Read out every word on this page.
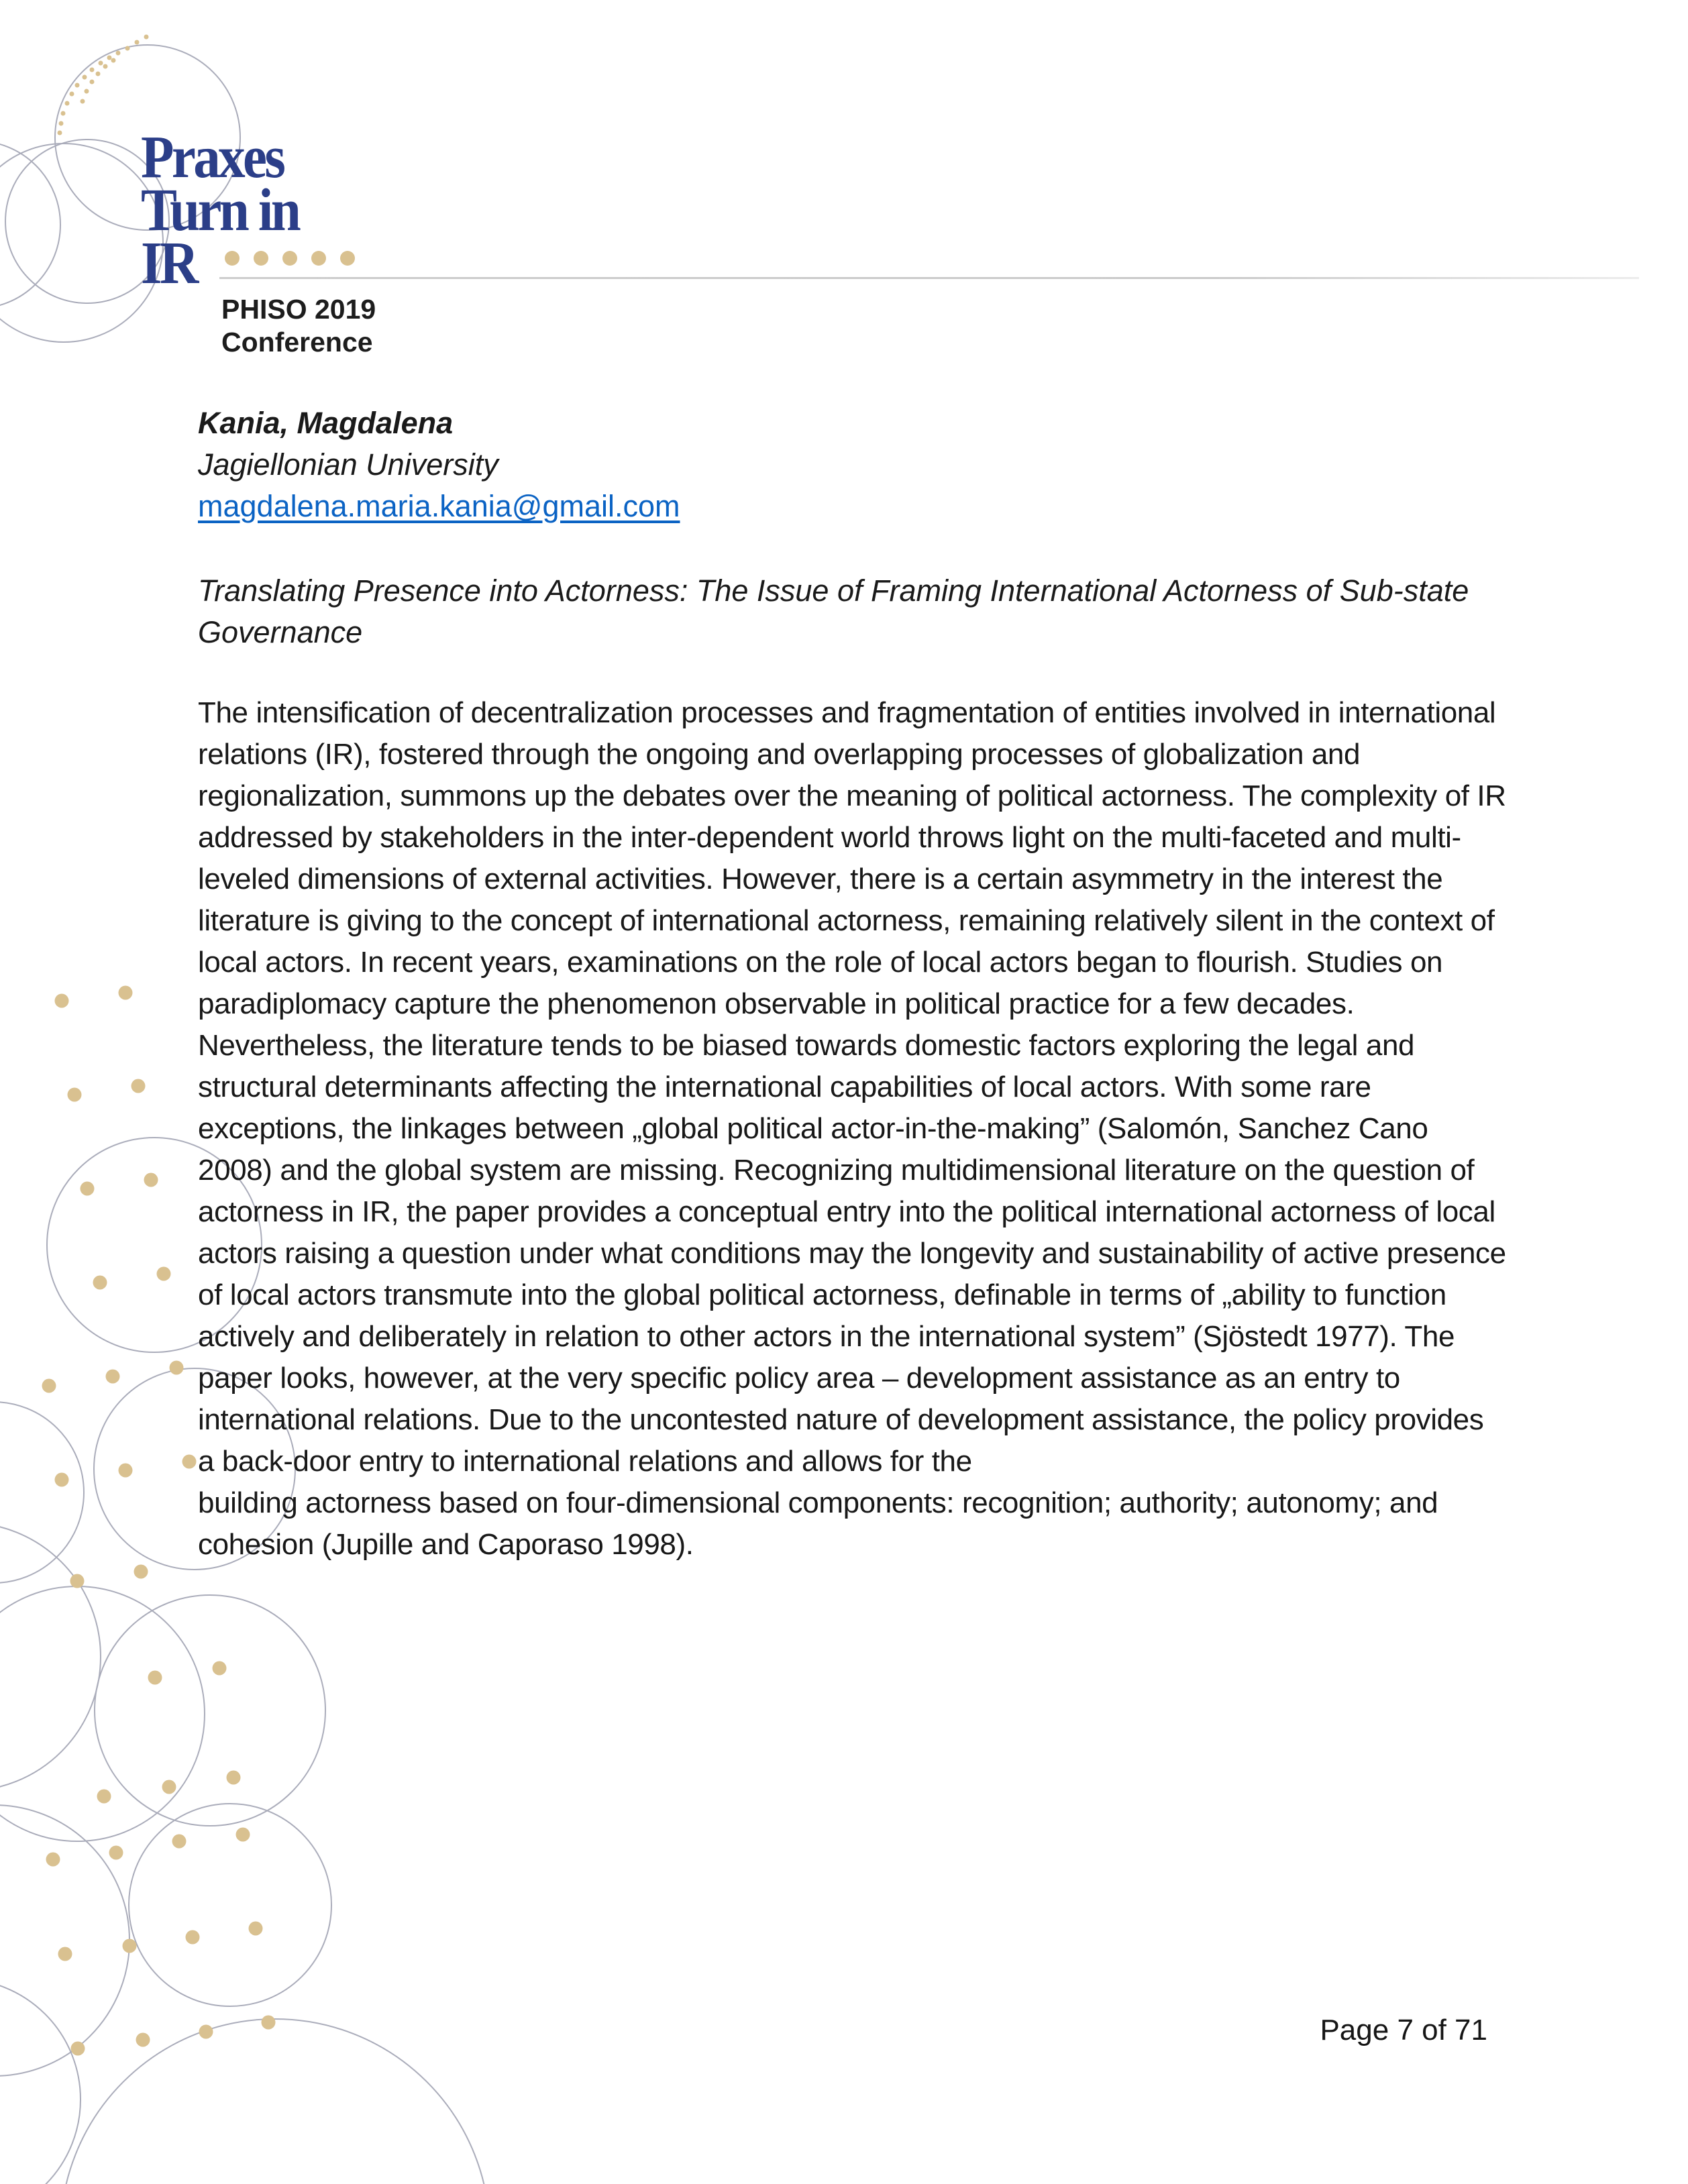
Praxes
Turn in
IR
PHISO 2019
Conference
Kania, Magdalena
Jagiellonian University
magdalena.maria.kania@gmail.com
Translating Presence into Actorness: The Issue of Framing International Actorness of Sub-state
Governance
The intensification of decentralization processes and fragmentation of entities involved in international relations (IR), fostered through the ongoing and overlapping processes of globalization and regionalization, summons up the debates over the meaning of political actorness. The complexity of IR addressed by stakeholders in the inter-dependent world throws light on the multi-faceted and multi-leveled dimensions of external activities. However, there is a certain asymmetry in the interest the literature is giving to the concept of international actorness, remaining relatively silent in the context of local actors. In recent years, examinations on the role of local actors began to flourish. Studies on paradiplomacy capture the phenomenon observable in political practice for a few decades. Nevertheless, the literature tends to be biased towards domestic factors exploring the legal and structural determinants affecting the international capabilities of local actors. With some rare exceptions, the linkages between „global political actor-in-the-making” (Salomón, Sanchez Cano 2008) and the global system are missing. Recognizing multidimensional literature on the question of actorness in IR, the paper provides a conceptual entry into the political international actorness of local actors raising a question under what conditions may the longevity and sustainability of active presence of local actors transmute into the global political actorness, definable in terms of „ability to function actively and deliberately in relation to other actors in the international system” (Sjöstedt 1977). The paper looks, however, at the very specific policy area – development assistance as an entry to international relations. Due to the uncontested nature of development assistance, the policy provides a back-door entry to international relations and allows for the
building actorness based on four-dimensional components: recognition; authority; autonomy; and cohesion (Jupille and Caporaso 1998).
Page 7 of 71
